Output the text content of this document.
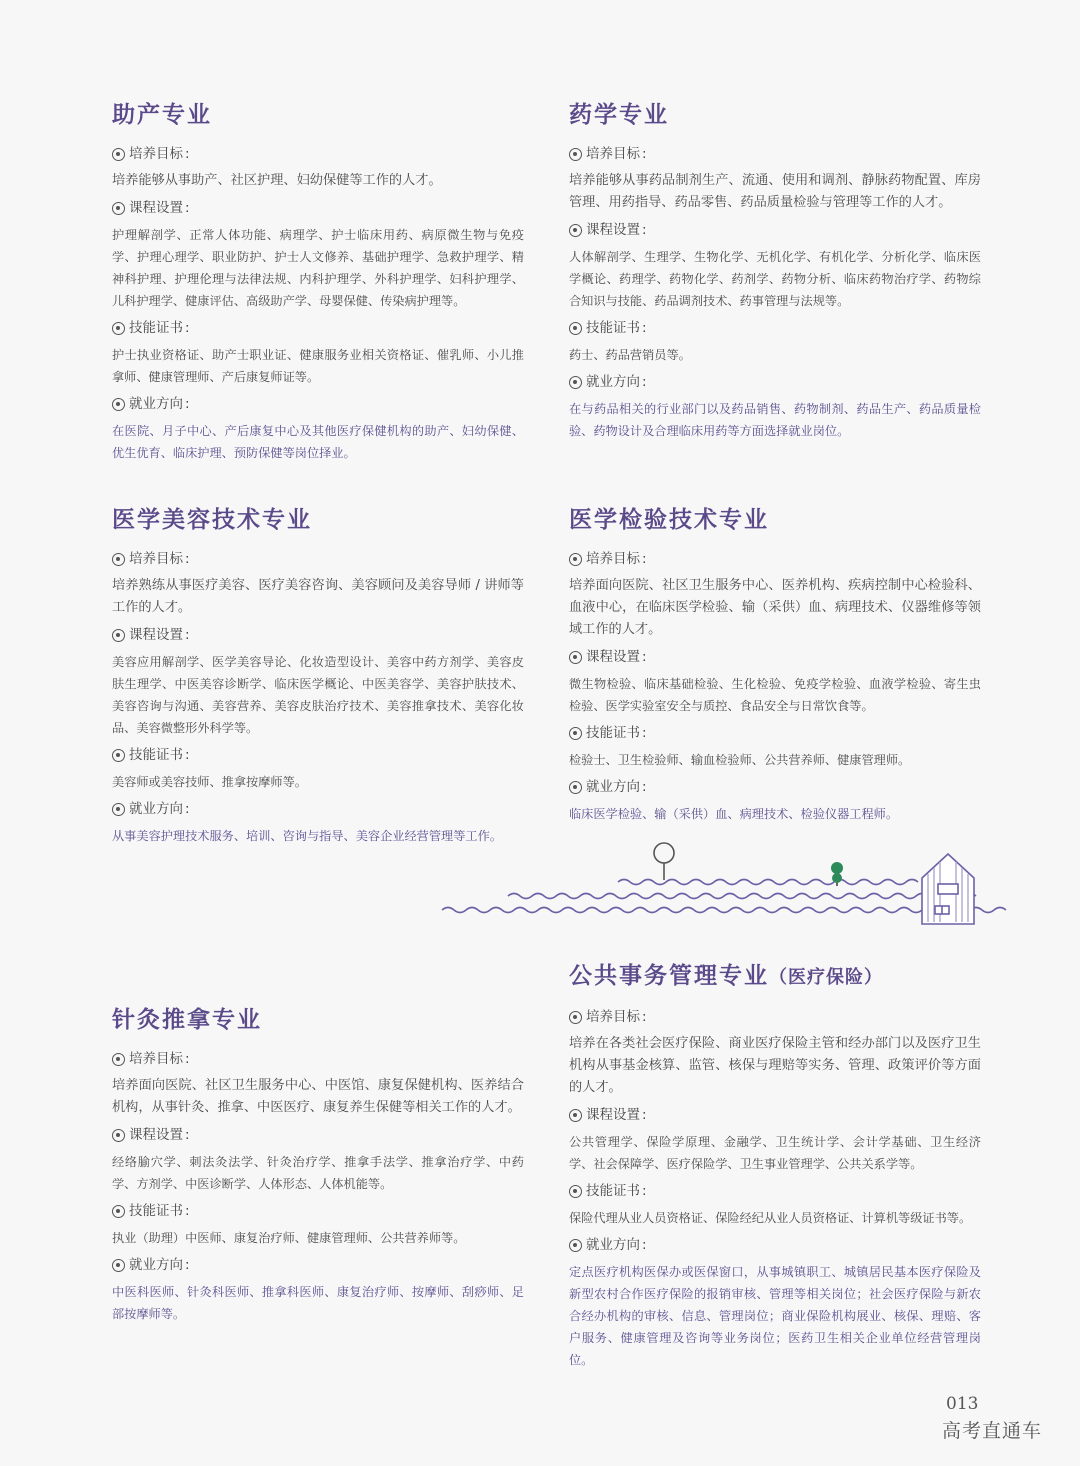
助产专业
培养目标 :
培养能够从事助产、社区护理、妇幼保健等工作的人才。
课程设置 :
护理解剖学、正常人体功能、病理学、护士临床用药、病原微生物与免疫学、护理心理学、职业防护、护士人文修养、基础护理学、急救护理学、精神科护理、护理伦理与法律法规、内科护理学、外科护理学、妇科护理学、儿科护理学、健康评估、高级助产学、母婴保健、传染病护理等。
技能证书 :
护士执业资格证、助产士职业证、健康服务业相关资格证、催乳师、小儿推拿师、健康管理师、产后康复师证等。
就业方向 :
在医院、月子中心、产后康复中心及其他医疗保健机构的助产、妇幼保健、优生优育、临床护理、预防保健等岗位择业。
药学专业
培养目标 :
培养能够从事药品制剂生产、流通、使用和调剂、静脉药物配置、库房管理、用药指导、药品零售、药品质量检验与管理等工作的人才。
课程设置 :
人体解剖学、生理学、生物化学、无机化学、有机化学、分析化学、临床医学概论、药理学、药物化学、药剂学、药物分析、临床药物治疗学、药物综合知识与技能、药品调剂技术、药事管理与法规等。
技能证书 :
药士、药品营销员等。
就业方向 :
在与药品相关的行业部门以及药品销售、药物制剂、药品生产、药品质量检验、药物设计及合理临床用药等方面选择就业岗位。
医学美容技术专业
培养目标 :
培养熟练从事医疗美容、医疗美容咨询、美容顾问及美容导师 / 讲师等工作的人才。
课程设置 :
美容应用解剖学、医学美容导论、化妆造型设计、美容中药方剂学、美容皮肤生理学、中医美容诊断学、临床医学概论、中医美容学、美容护肤技术、美容咨询与沟通、美容营养、美容皮肤治疗技术、美容推拿技术、美容化妆品、美容微整形外科学等。
技能证书 :
美容师或美容技师、推拿按摩师等。
就业方向 :
从事美容护理技术服务、培训、咨询与指导、美容企业经营管理等工作。
医学检验技术专业
培养目标 :
培养面向医院、社区卫生服务中心、医养机构、疾病控制中心检验科、血液中心，在临床医学检验、输（采供）血、病理技术、仪器维修等领域工作的人才。
课程设置 :
微生物检验、临床基础检验、生化检验、免疫学检验、血液学检验、寄生虫检验、医学实验室安全与质控、食品安全与日常饮食等。
技能证书 :
检验士、卫生检验师、输血检验师、公共营养师、健康管理师。
就业方向 :
临床医学检验、输（采供）血、病理技术、检验仪器工程师。
针灸推拿专业
培养目标 :
培养面向医院、社区卫生服务中心、中医馆、康复保健机构、医养结合机构，从事针灸、推拿、中医医疗、康复养生保健等相关工作的人才。
课程设置 :
经络腧穴学、刺法灸法学、针灸治疗学、推拿手法学、推拿治疗学、中药学、方剂学、中医诊断学、人体形态、人体机能等。
技能证书 :
执业（助理）中医师、康复治疗师、健康管理师、公共营养师等。
就业方向 :
中医科医师、针灸科医师、推拿科医师、康复治疗师、按摩师、刮痧师、足部按摩师等。
公共事务管理专业（医疗保险）
培养目标 :
培养在各类社会医疗保险、商业医疗保险主管和经办部门以及医疗卫生机构从事基金核算、监管、核保与理赔等实务、管理、政策评价等方面的人才。
课程设置 :
公共管理学、保险学原理、金融学、卫生统计学、会计学基础、卫生经济学、社会保障学、医疗保险学、卫生事业管理学、公共关系学等。
技能证书 :
保险代理从业人员资格证、保险经纪从业人员资格证、计算机等级证书等。
就业方向 :
定点医疗机构医保办或医保窗口，从事城镇职工、城镇居民基本医疗保险及新型农村合作医疗保险的报销审核、管理等相关岗位；社会医疗保险与新农合经办机构的审核、信息、管理岗位；商业保险机构展业、核保、理赔、客户服务、健康管理及咨询等业务岗位；医药卫生相关企业单位经营管理岗位。
013
高考直通车
